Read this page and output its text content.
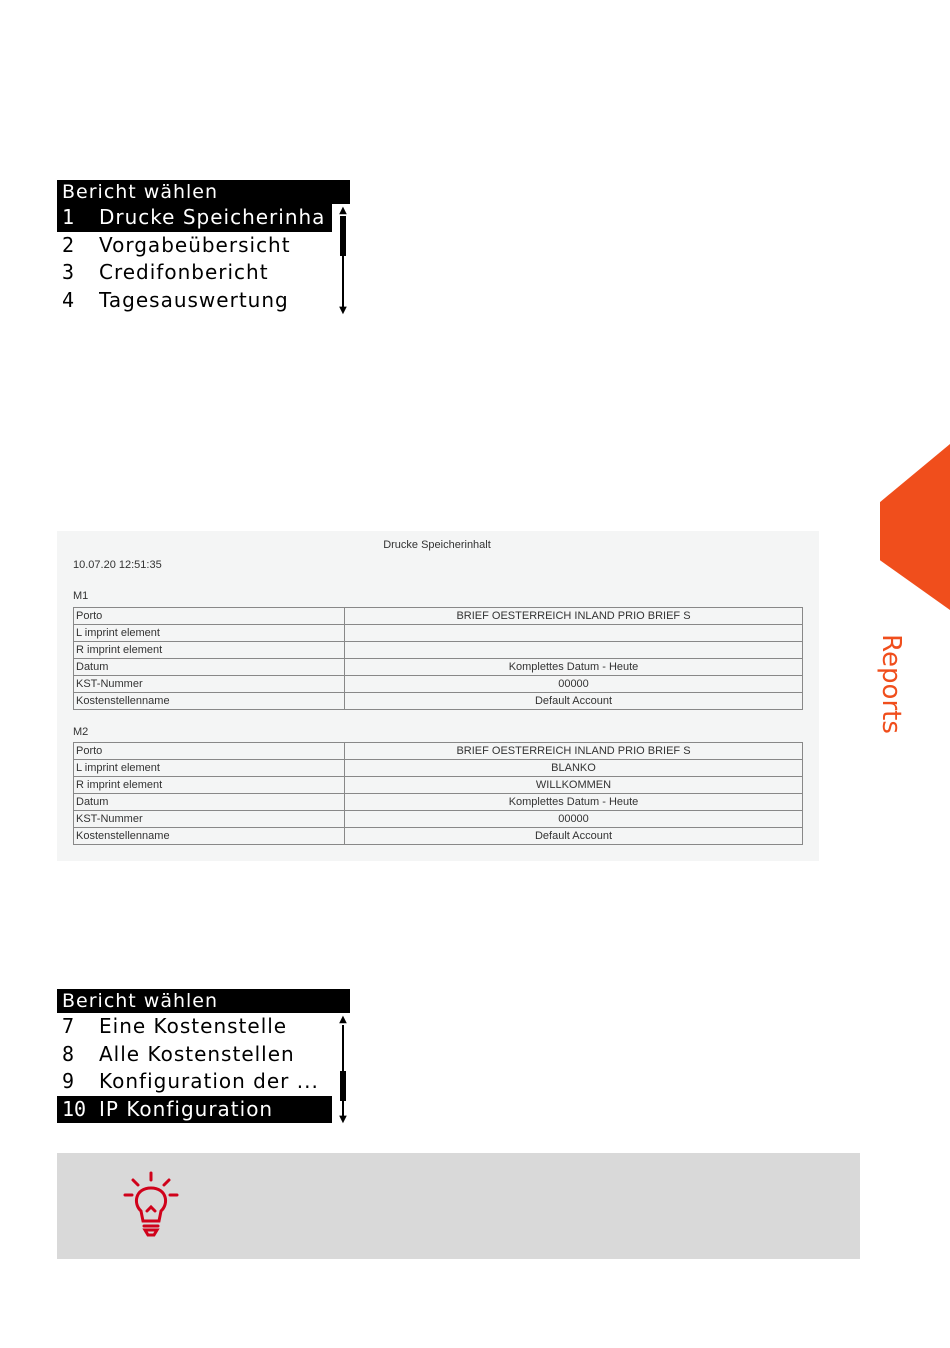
Bericht wählen
1 Drucke Speicherinha
2 Vorgabeübersicht
3 Credifonbericht
4 Tagesauswertung
▲
▼
Drucke Speicherinhalt
10.07.20 12:51:35
M1
Porto	BRIEF OESTERREICH INLAND PRIO BRIEF S
L imprint element	
R imprint element	
Datum	Komplettes Datum - Heute
KST-Nummer	00000
Kostenstellenname	Default Account
M2
Porto	BRIEF OESTERREICH INLAND PRIO BRIEF S
L imprint element	BLANKO
R imprint element	WILLKOMMEN
Datum	Komplettes Datum - Heute
KST-Nummer	00000
Kostenstellenname	Default Account
Bericht wählen
7 Eine Kostenstelle
8 Alle Kostenstellen
9 Konfiguration der ...
10 IP Konfiguration
▲
▼
Reports
